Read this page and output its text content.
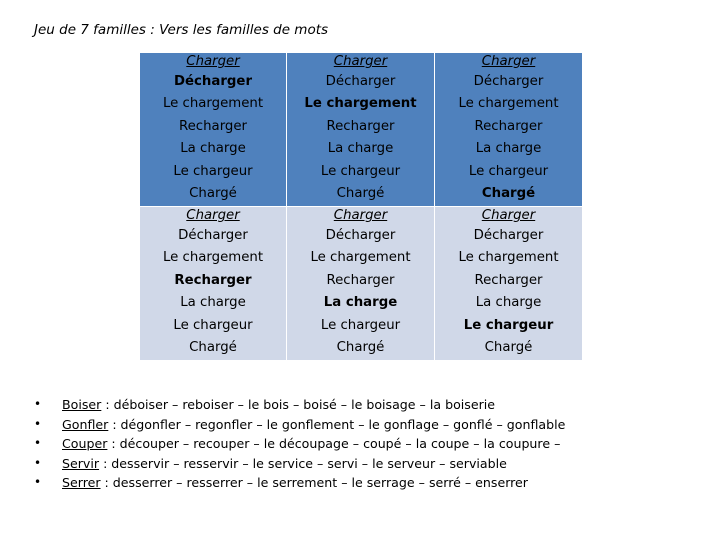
Jeu de 7 familles : Vers les familles de mots
Charger
Décharger
Le chargement
Recharger
La charge
Le chargeur
Chargé
Charger
Décharger
Le chargement
Recharger
La charge
Le chargeur
Chargé
Charger
Décharger
Le chargement
Recharger
La charge
Le chargeur
Chargé
Charger
Décharger
Le chargement
Recharger
La charge
Le chargeur
Chargé
Charger
Décharger
Le chargement
Recharger
La charge
Le chargeur
Chargé
Charger
Décharger
Le chargement
Recharger
La charge
Le chargeur
Chargé
• Boiser : déboiser – reboiser – le bois – boisé – le boisage – la boiserie
• Gonfler : dégonfler – regonfler – le gonflement – le gonflage – gonflé – gonflable
• Couper : découper – recouper – le découpage – coupé – la coupe – la coupure –
• Servir : desservir – resservir – le service – servi – le serveur – serviable
• Serrer : desserrer – resserrer – le serrement – le serrage – serré – enserrer
